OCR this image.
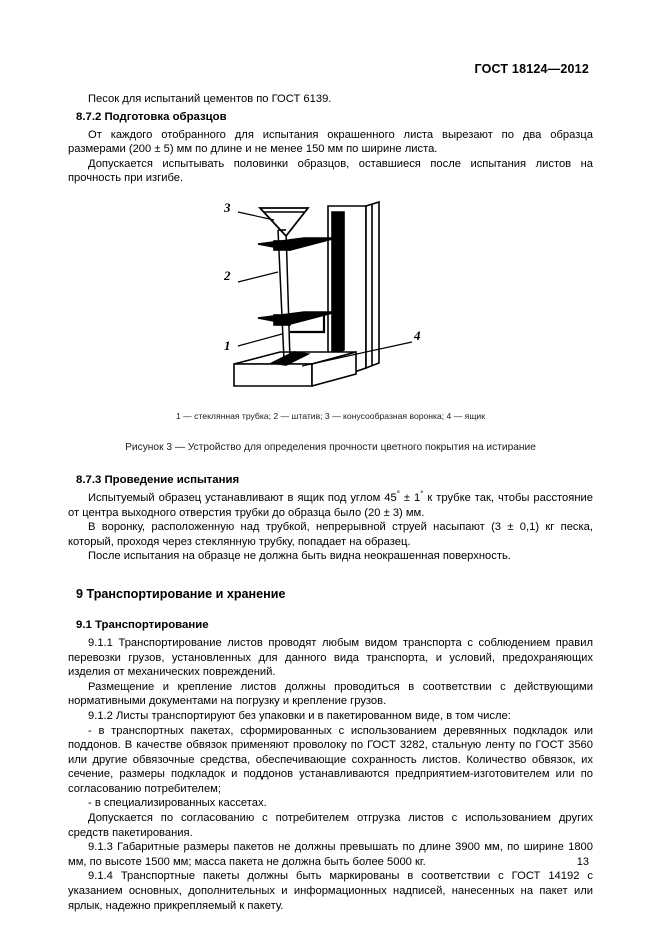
ГОСТ 18124—2012

Песок для испытаний цементов по ГОСТ 6139.

8.7.2 Подготовка образцов

От каждого отобранного для испытания окрашенного листа вырезают по два образца размерами (200 ± 5) мм по длине и не менее 150 мм по ширине листа.

Допускается испытывать половинки образцов, оставшиеся после испытания листов на прочность при изгибе.

3
2
1
4
1 — стеклянная трубка; 2 — штатив; 3 — конусообразная воронка; 4 — ящик
Рисунок 3 — Устройство для определения прочности цветного покрытия на истирание
8.7.3 Проведение испытания

Испытуемый образец устанавливают в ящик под углом 45° ± 1° к трубке так, чтобы расстояние от центра выходного отверстия трубки до образца было (20 ± 3) мм.

В воронку, расположенную над трубкой, непрерывной струей насыпают (3 ± 0,1) кг песка, который, проходя через стеклянную трубку, попадает на образец.

После испытания на образце не должна быть видна неокрашенная поверхность.

9 Транспортирование и хранение
9.1 Транспортирование

9.1.1 Транспортирование листов проводят любым видом транспорта с соблюдением правил перевозки грузов, установленных для данного вида транспорта, и условий, предохраняющих изделия от механических повреждений.

Размещение и крепление листов должны проводиться в соответствии с действующими нормативными документами на погрузку и крепление грузов.

9.1.2 Листы транспортируют без упаковки и в пакетированном виде, в том числе:

- в транспортных пакетах, сформированных с использованием деревянных подкладок или поддонов. В качестве обвязок применяют проволоку по ГОСТ 3282, стальную ленту по ГОСТ 3560 или другие обвязочные средства, обеспечивающие сохранность листов. Количество обвязок, их сечение, размеры подкладок и поддонов устанавливаются предприятием-изготовителем или по согласованию потребителем;

- в специализированных кассетах.

Допускается по согласованию с потребителем отгрузка листов с использованием других средств пакетирования.

9.1.3 Габаритные размеры пакетов не должны превышать по длине 3900 мм, по ширине 1800 мм, по высоте 1500 мм; масса пакета не должна быть более 5000 кг.

9.1.4 Транспортные пакеты должны быть маркированы в соответствии с ГОСТ 14192 с указанием основных, дополнительных и информационных надписей, нанесенных на пакет или ярлык, надежно прикрепляемый к пакету.

13
